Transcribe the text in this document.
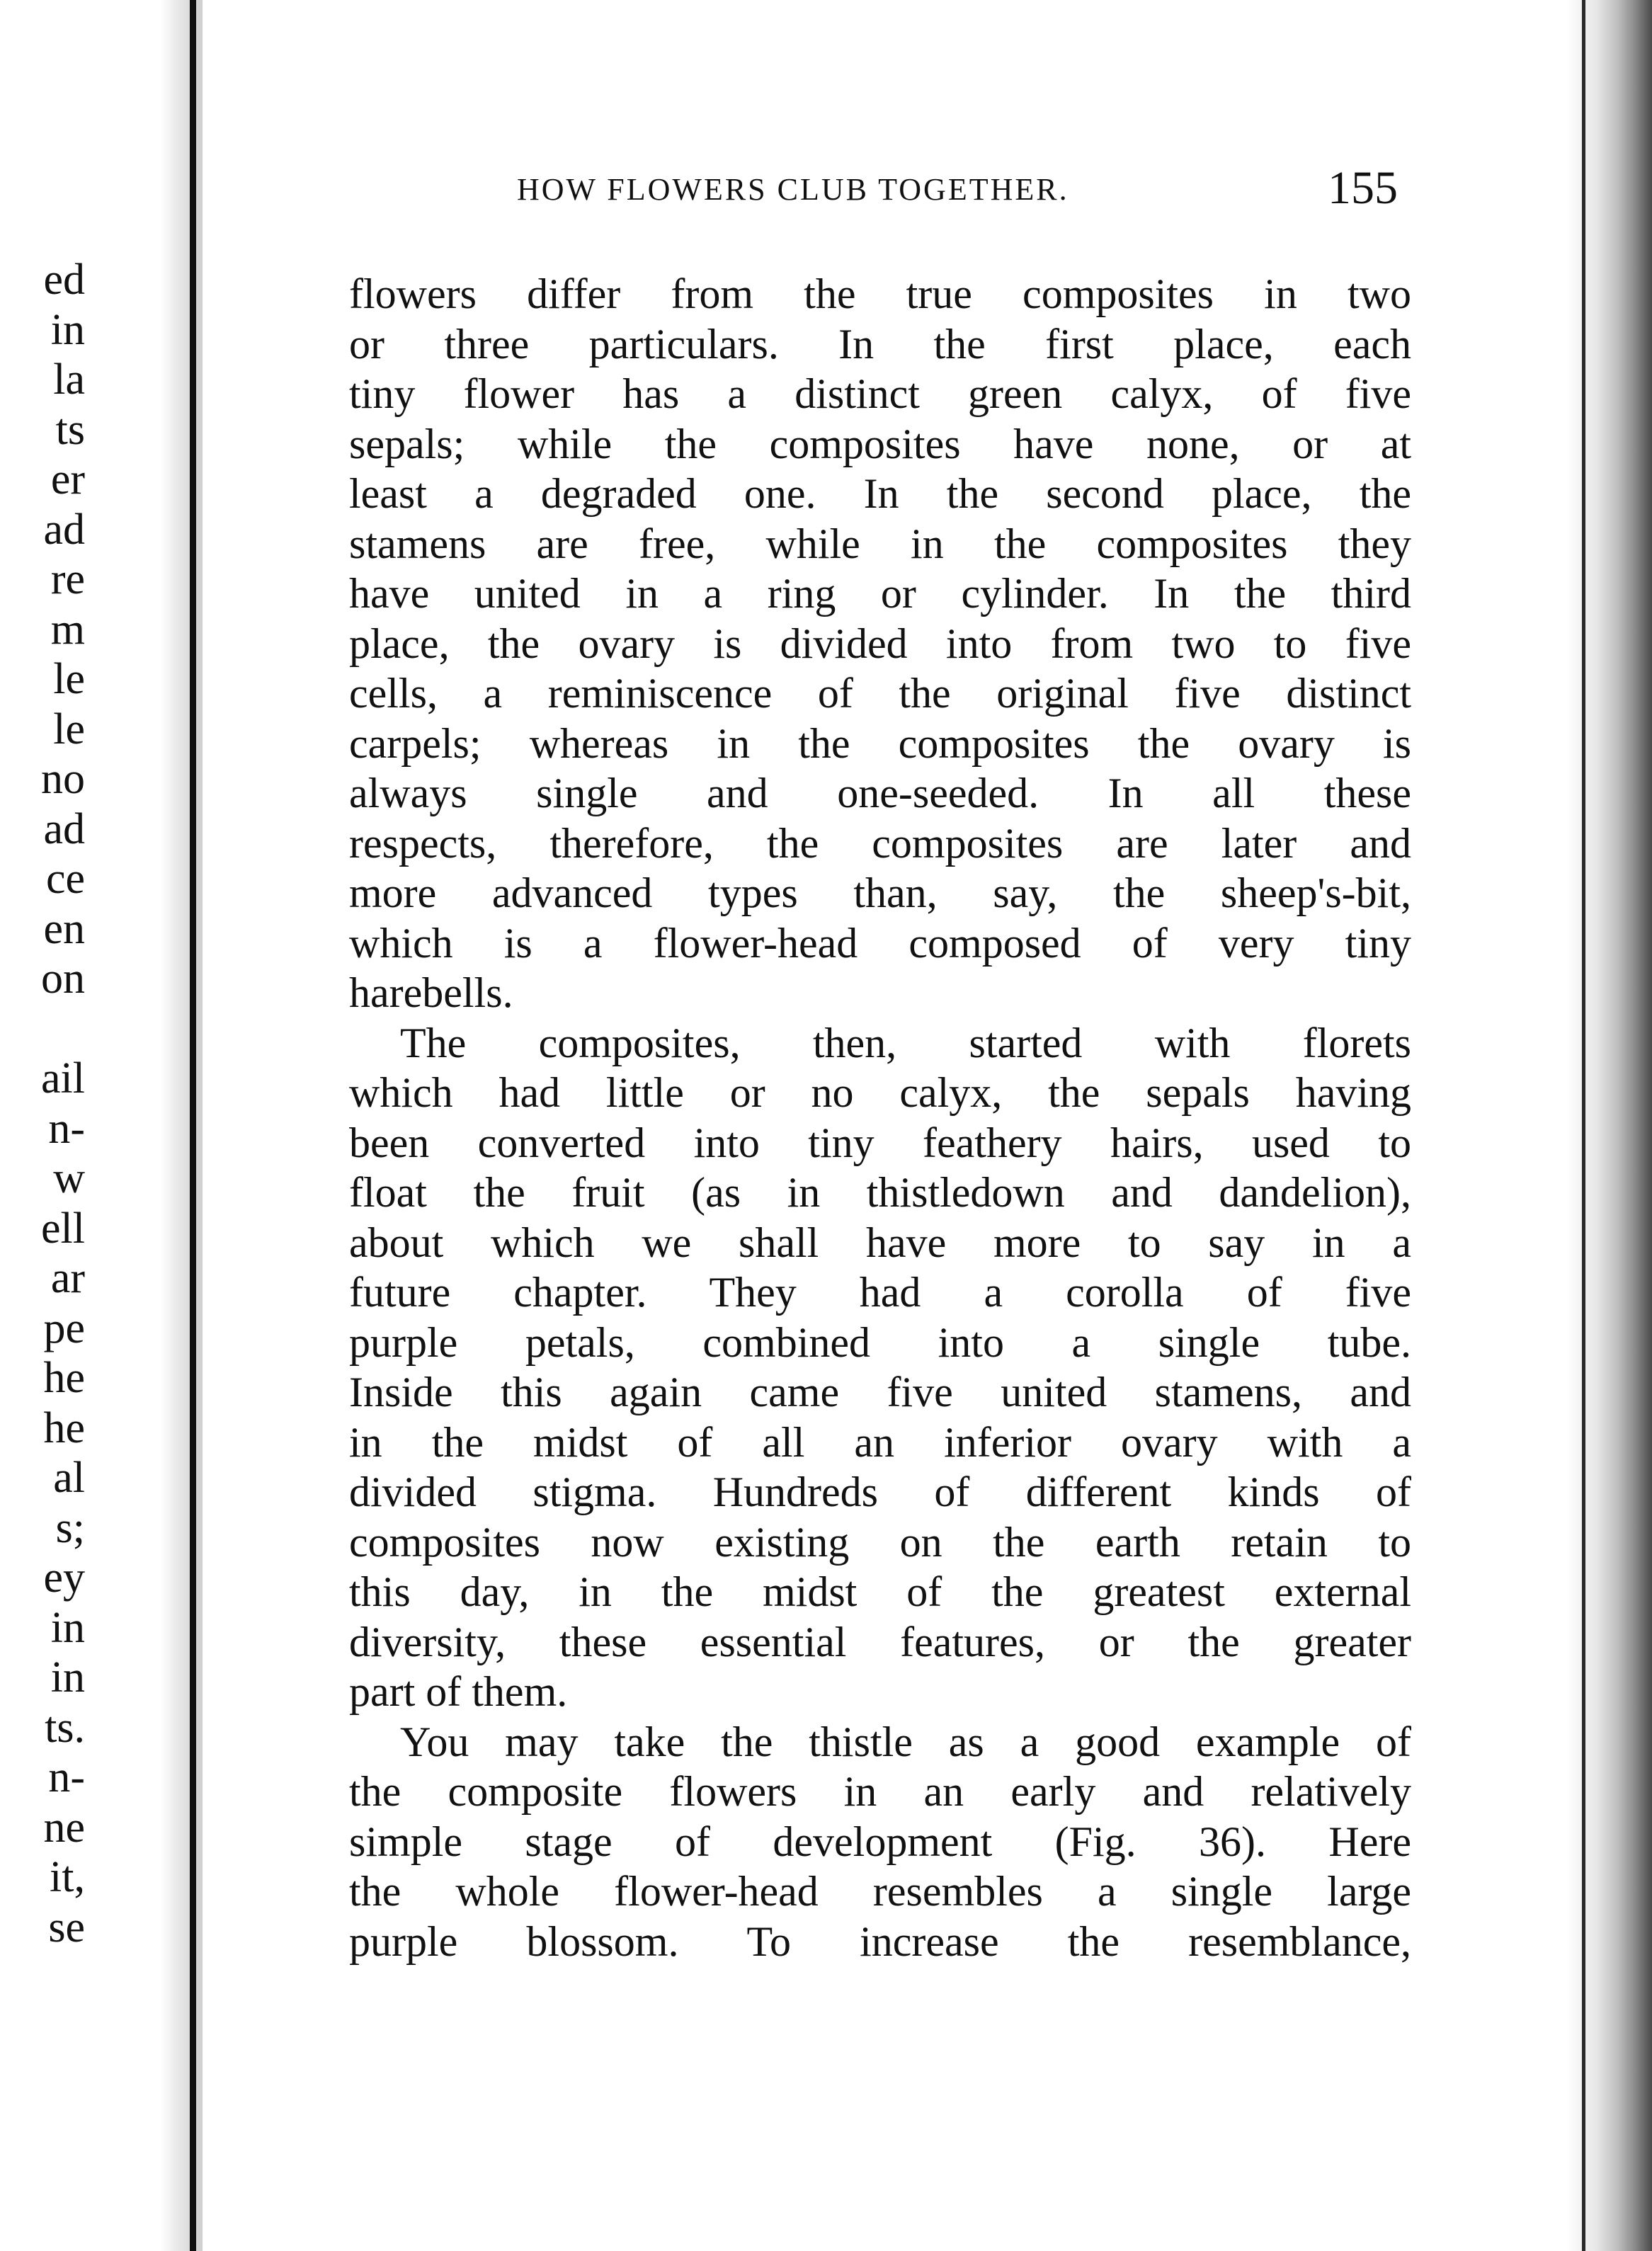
ed
in
la
ts
er
ad
re
m
le
le
no
ad
ce
en
on
ail
n-
w
ell
ar
pe
he
he
al
s;
ey
in
in
ts.
n-
ne
it,
se
HOW FLOWERS CLUB TOGETHER.	155
flowers differ from the true composites in two
or three particulars. In the first place, each
tiny flower has a distinct green calyx, of five
sepals; while the composites have none, or at
least a degraded one. In the second place, the
stamens are free, while in the composites they
have united in a ring or cylinder. In the third
place, the ovary is divided into from two to five
cells, a reminiscence of the original five distinct
carpels; whereas in the composites the ovary is
always single and one-seeded. In all these
respects, therefore, the composites are later and
more advanced types than, say, the sheep's-bit,
which is a flower-head composed of very tiny
harebells.
The composites, then, started with florets
which had little or no calyx, the sepals having
been converted into tiny feathery hairs, used to
float the fruit (as in thistledown and dandelion),
about which we shall have more to say in a
future chapter. They had a corolla of five
purple petals, combined into a single tube.
Inside this again came five united stamens, and
in the midst of all an inferior ovary with a
divided stigma. Hundreds of different kinds of
composites now existing on the earth retain to
this day, in the midst of the greatest external
diversity, these essential features, or the greater
part of them.
You may take the thistle as a good example of
the composite flowers in an early and relatively
simple stage of development (Fig. 36). Here
the whole flower-head resembles a single large
purple blossom. To increase the resemblance,
